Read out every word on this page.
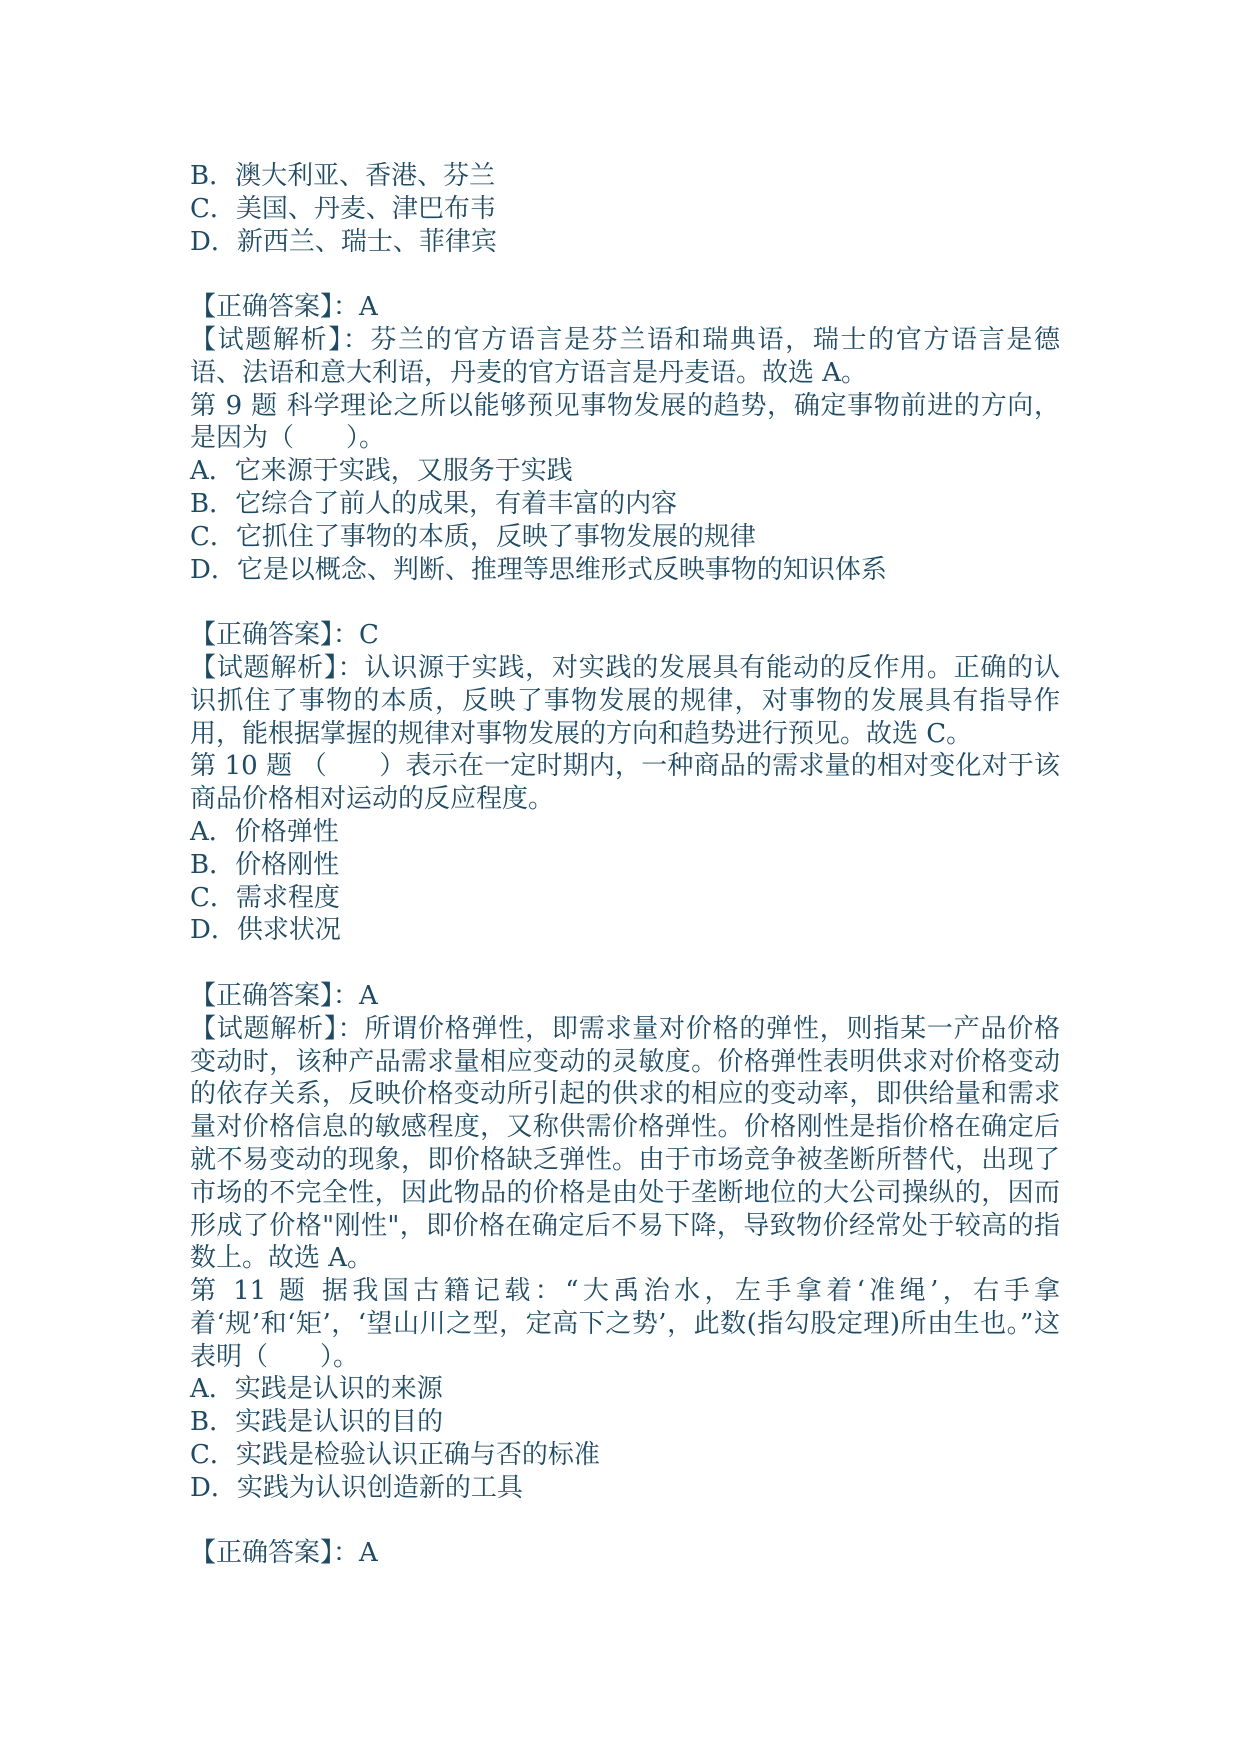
B．澳大利亚、香港、芬兰
C．美国、丹麦、津巴布韦
D．新西兰、瑞士、菲律宾
【正确答案】：A
【试题解析】：芬兰的官方语言是芬兰语和瑞典语，瑞士的官方语言是德语、法语和意大利语，丹麦的官方语言是丹麦语。故选 A。
第 9 题 科学理论之所以能够预见事物发展的趋势，确定事物前进的方向，是因为（　　）。
A．它来源于实践，又服务于实践
B．它综合了前人的成果，有着丰富的内容
C．它抓住了事物的本质，反映了事物发展的规律
D．它是以概念、判断、推理等思维形式反映事物的知识体系
【正确答案】：C
【试题解析】：认识源于实践，对实践的发展具有能动的反作用。正确的认识抓住了事物的本质，反映了事物发展的规律，对事物的发展具有指导作用，能根据掌握的规律对事物发展的方向和趋势进行预见。故选 C。
第 10 题 （　　）表示在一定时期内，一种商品的需求量的相对变化对于该商品价格相对运动的反应程度。
A．价格弹性
B．价格刚性
C．需求程度
D．供求状况
【正确答案】：A
【试题解析】：所谓价格弹性，即需求量对价格的弹性，则指某一产品价格变动时，该种产品需求量相应变动的灵敏度。价格弹性表明供求对价格变动的依存关系，反映价格变动所引起的供求的相应的变动率，即供给量和需求量对价格信息的敏感程度，又称供需价格弹性。价格刚性是指价格在确定后就不易变动的现象，即价格缺乏弹性。由于市场竞争被垄断所替代，出现了市场的不完全性，因此物品的价格是由处于垄断地位的大公司操纵的，因而形成了价格"刚性"，即价格在确定后不易下降，导致物价经常处于较高的指数上。故选 A。
第 11 题 据我国古籍记载：“大禹治水，左手拿着‘准绳’，右手拿着‘规’和‘矩’，‘望山川之型，定高下之势’，此数(指勾股定理)所由生也。”这表明（　　）。
A．实践是认识的来源
B．实践是认识的目的
C．实践是检验认识正确与否的标准
D．实践为认识创造新的工具
【正确答案】：A
